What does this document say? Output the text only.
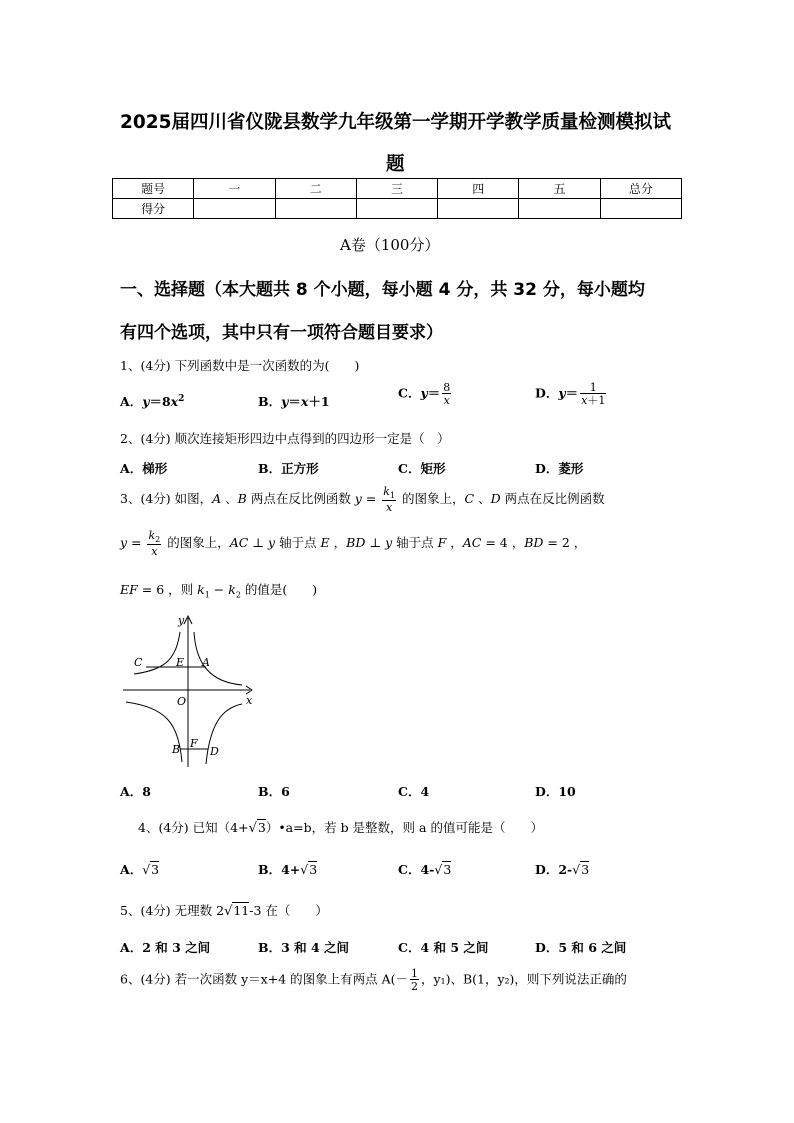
2025届四川省仪陇县数学九年级第一学期开学教学质量检测模拟试
题
题号	一	二	三	四	五	总分
得分						
A卷（100分）
一、选择题（本大题共 8 个小题，每小题 4 分，共 32 分，每小题均
有四个选项，其中只有一项符合题目要求）
1、(4分) 下列函数中是一次函数的为(　　)
A．$y=8x^2$	B．y＝x＋1
C．$y= \frac{8}{x}$	D．$y= \frac{1}{x+1}$
2、(4分) 顺次连接矩形四边中点得到的四边形一定是（　）
A．梯形	B．正方形	C．矩形	D．菱形
3、(4分) 如图，A 、B 两点在反比例函数 $y = \frac{k_1}{x}$ 的图象上，C 、D 两点在反比例函数
$y = \frac{k_2}{x}$ 的图象上，AC ⊥ y 轴于点 E ，BD ⊥ y 轴于点 F ，AC = 4 ，BD = 2 ，
EF = 6 ，则 $k_1 - k_2$ 的值是(　　)
y
x
O
C	E A
B F
D
A．8	B．6	C．4	D．10
4、(4分) 已知（4+√3）•a=b，若 b 是整数，则 a 的值可能是（　　）
A．√3	B．4+√3	C．4-√3	D．2-√3
5、(4分) 无理数 2√11-3 在（　　）
A．2 和 3 之间	B．3 和 4 之间	C．4 和 5 之间	D．5 和 6 之间
6、(4分) 若一次函数 y＝x+4 的图象上有两点 $A(- \frac{1}{2}$ ，y₁)、B(1，y₂)，则下列说法正确的
